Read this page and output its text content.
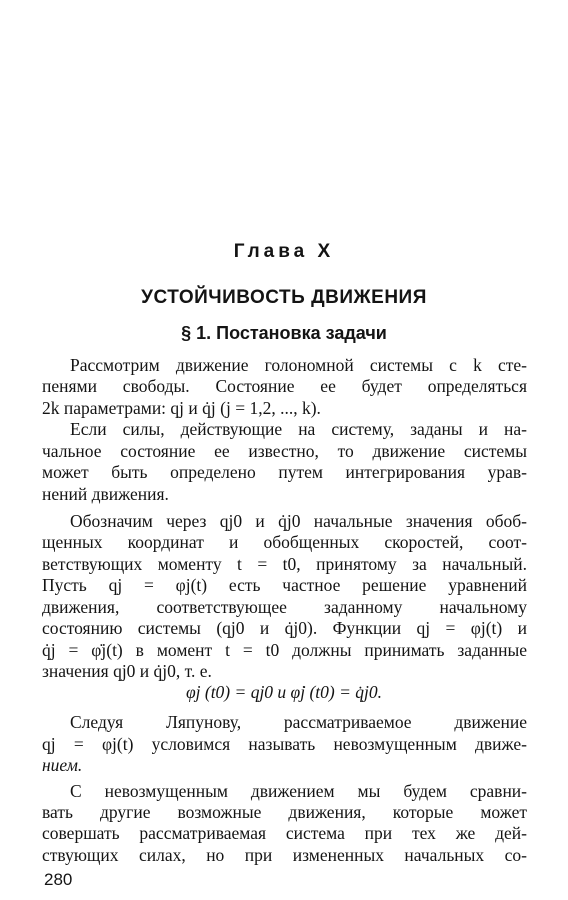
Глава X
УСТОЙЧИВОСТЬ ДВИЖЕНИЯ
§ 1. Постановка задачи
Рассмотрим движение голономной системы с k сте-
пенями свободы. Состояние ее будет определяться
2k параметрами: qj и q̇j (j = 1,2, ..., k).
Если силы, действующие на систему, заданы и на-
чальное состояние ее известно, то движение системы
может быть определено путем интегрирования урав-
нений движения.
Обозначим через qj0 и q̇j0 начальные значения обоб-
щенных координат и обобщенных скоростей, соот-
ветствующих моменту t = t0, принятому за начальный.
Пусть qj = φj(t) есть частное решение уравнений
движения, соответствующее заданному начальному
состоянию системы (qj0 и q̇j0). Функции qj = φj(t) и
q̇j = φ̇j(t) в момент t = t0 должны принимать заданные
значения qj0 и q̇j0, т. е.
φj (t0) = qj0 и φ̇j (t0) = q̇j0.
Следуя Ляпунову, рассматриваемое движение
qj = φj(t) условимся называть невозмущенным движе-
нием.
С невозмущенным движением мы будем сравни-
вать другие возможные движения, которые может
совершать рассматриваемая система при тех же дей-
ствующих силах, но при измененных начальных со-
280
